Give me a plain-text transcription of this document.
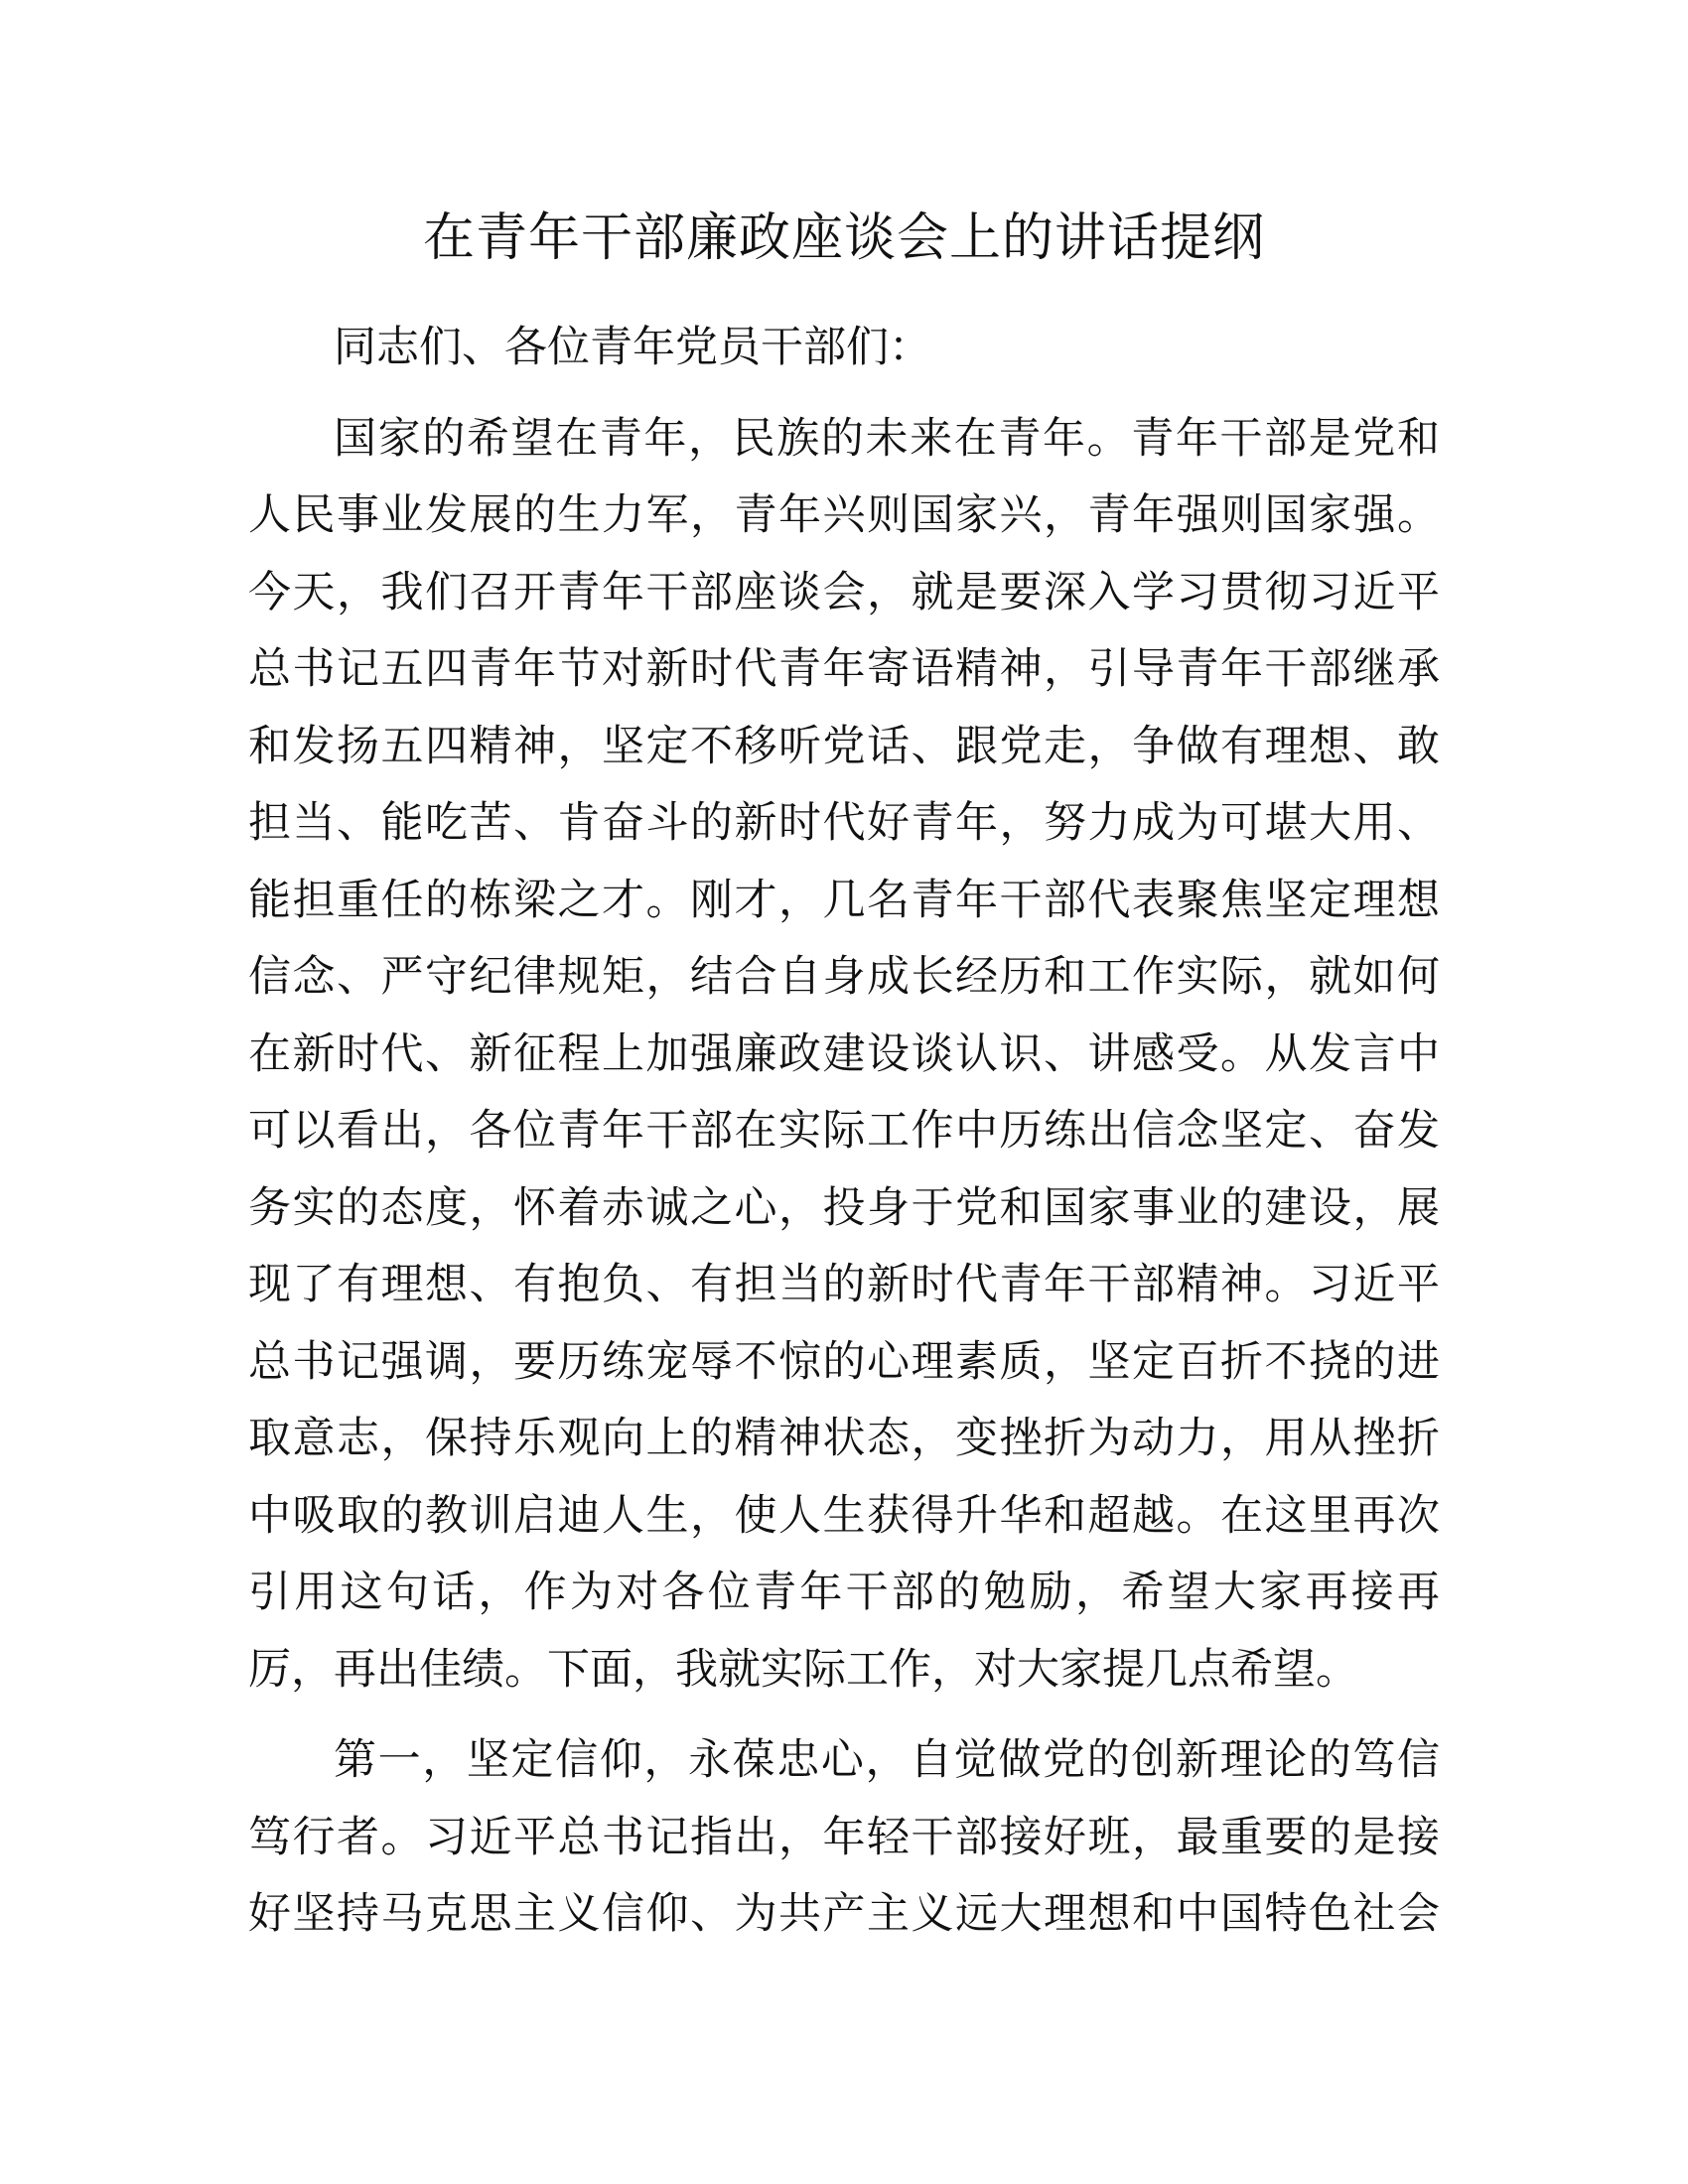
在青年干部廉政座谈会上的讲话提纲
同志们、各位青年党员干部们：
国家的希望在青年，民族的未来在青年。青年干部是党和
人民事业发展的生力军，青年兴则国家兴，青年强则国家强。
今天，我们召开青年干部座谈会，就是要深入学习贯彻习近平
总书记五四青年节对新时代青年寄语精神，引导青年干部继承
和发扬五四精神，坚定不移听党话、跟党走，争做有理想、敢
担当、能吃苦、肯奋斗的新时代好青年，努力成为可堪大用、
能担重任的栋梁之才。刚才，几名青年干部代表聚焦坚定理想
信念、严守纪律规矩，结合自身成长经历和工作实际，就如何
在新时代、新征程上加强廉政建设谈认识、讲感受。从发言中
可以看出，各位青年干部在实际工作中历练出信念坚定、奋发
务实的态度，怀着赤诚之心，投身于党和国家事业的建设，展
现了有理想、有抱负、有担当的新时代青年干部精神。习近平
总书记强调，要历练宠辱不惊的心理素质，坚定百折不挠的进
取意志，保持乐观向上的精神状态，变挫折为动力，用从挫折
中吸取的教训启迪人生，使人生获得升华和超越。在这里再次
引用这句话，作为对各位青年干部的勉励，希望大家再接再
厉，再出佳绩。下面，我就实际工作，对大家提几点希望。
第一，坚定信仰，永葆忠心，自觉做党的创新理论的笃信
笃行者。习近平总书记指出，年轻干部接好班，最重要的是接
好坚持马克思主义信仰、为共产主义远大理想和中国特色社会
